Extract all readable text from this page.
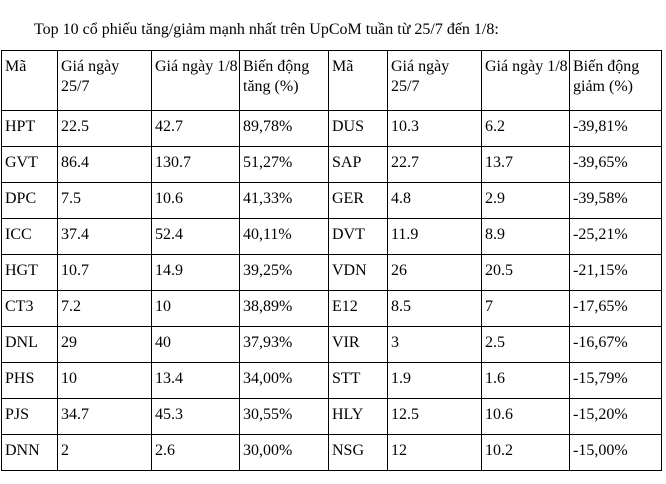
Top 10 cổ phiếu tăng/giảm mạnh nhất trên UpCoM tuần từ 25/7 đến 1/8:
Mã	Giá ngày 25/7	Giá ngày 1/8	Biến động tăng (%)	Mã	Giá ngày 25/7	Giá ngày 1/8	Biến động giảm (%)
HPT	22.5	42.7	89,78%	DUS	10.3	6.2	-39,81%
GVT	86.4	130.7	51,27%	SAP	22.7	13.7	-39,65%
DPC	7.5	10.6	41,33%	GER	4.8	2.9	-39,58%
ICC	37.4	52.4	40,11%	DVT	11.9	8.9	-25,21%
HGT	10.7	14.9	39,25%	VDN	26	20.5	-21,15%
CT3	7.2	10	38,89%	E12	8.5	7	-17,65%
DNL	29	40	37,93%	VIR	3	2.5	-16,67%
PHS	10	13.4	34,00%	STT	1.9	1.6	-15,79%
PJS	34.7	45.3	30,55%	HLY	12.5	10.6	-15,20%
DNN	2	2.6	30,00%	NSG	12	10.2	-15,00%
